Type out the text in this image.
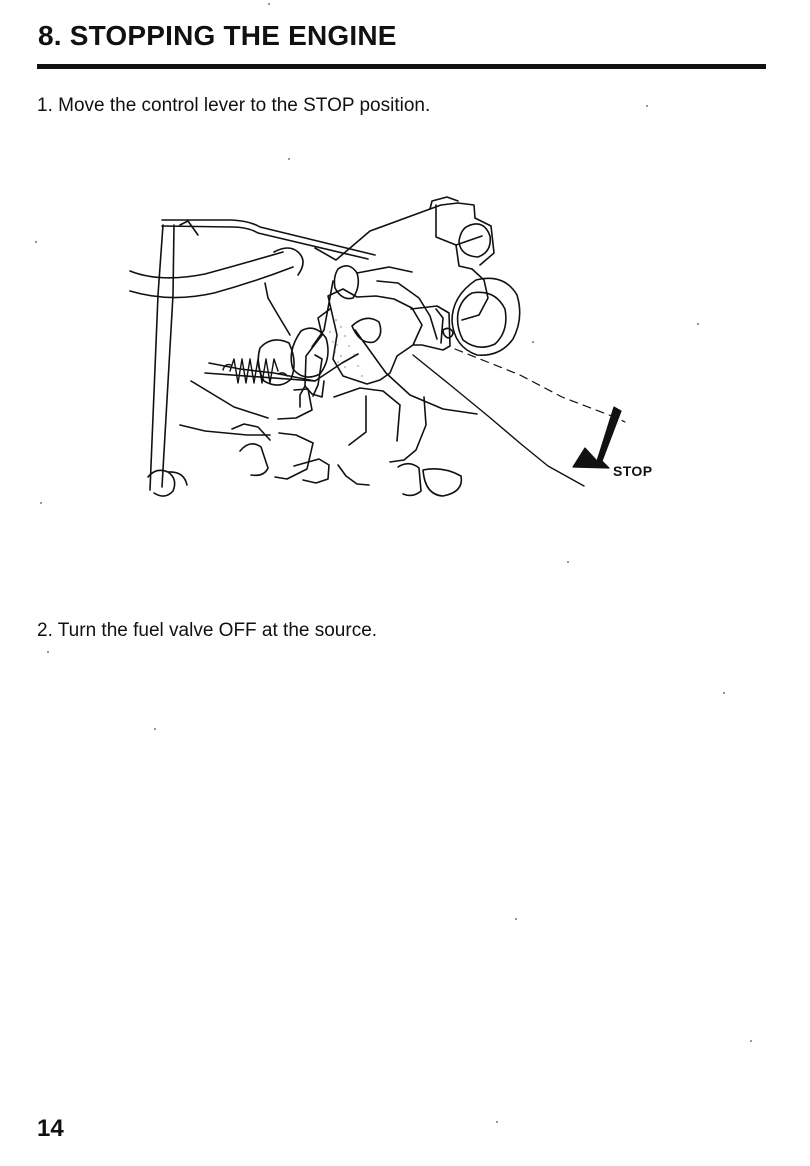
8. STOPPING THE ENGINE
1. Move the control lever to the STOP position.
STOP
2. Turn the fuel valve OFF at the source.
14
